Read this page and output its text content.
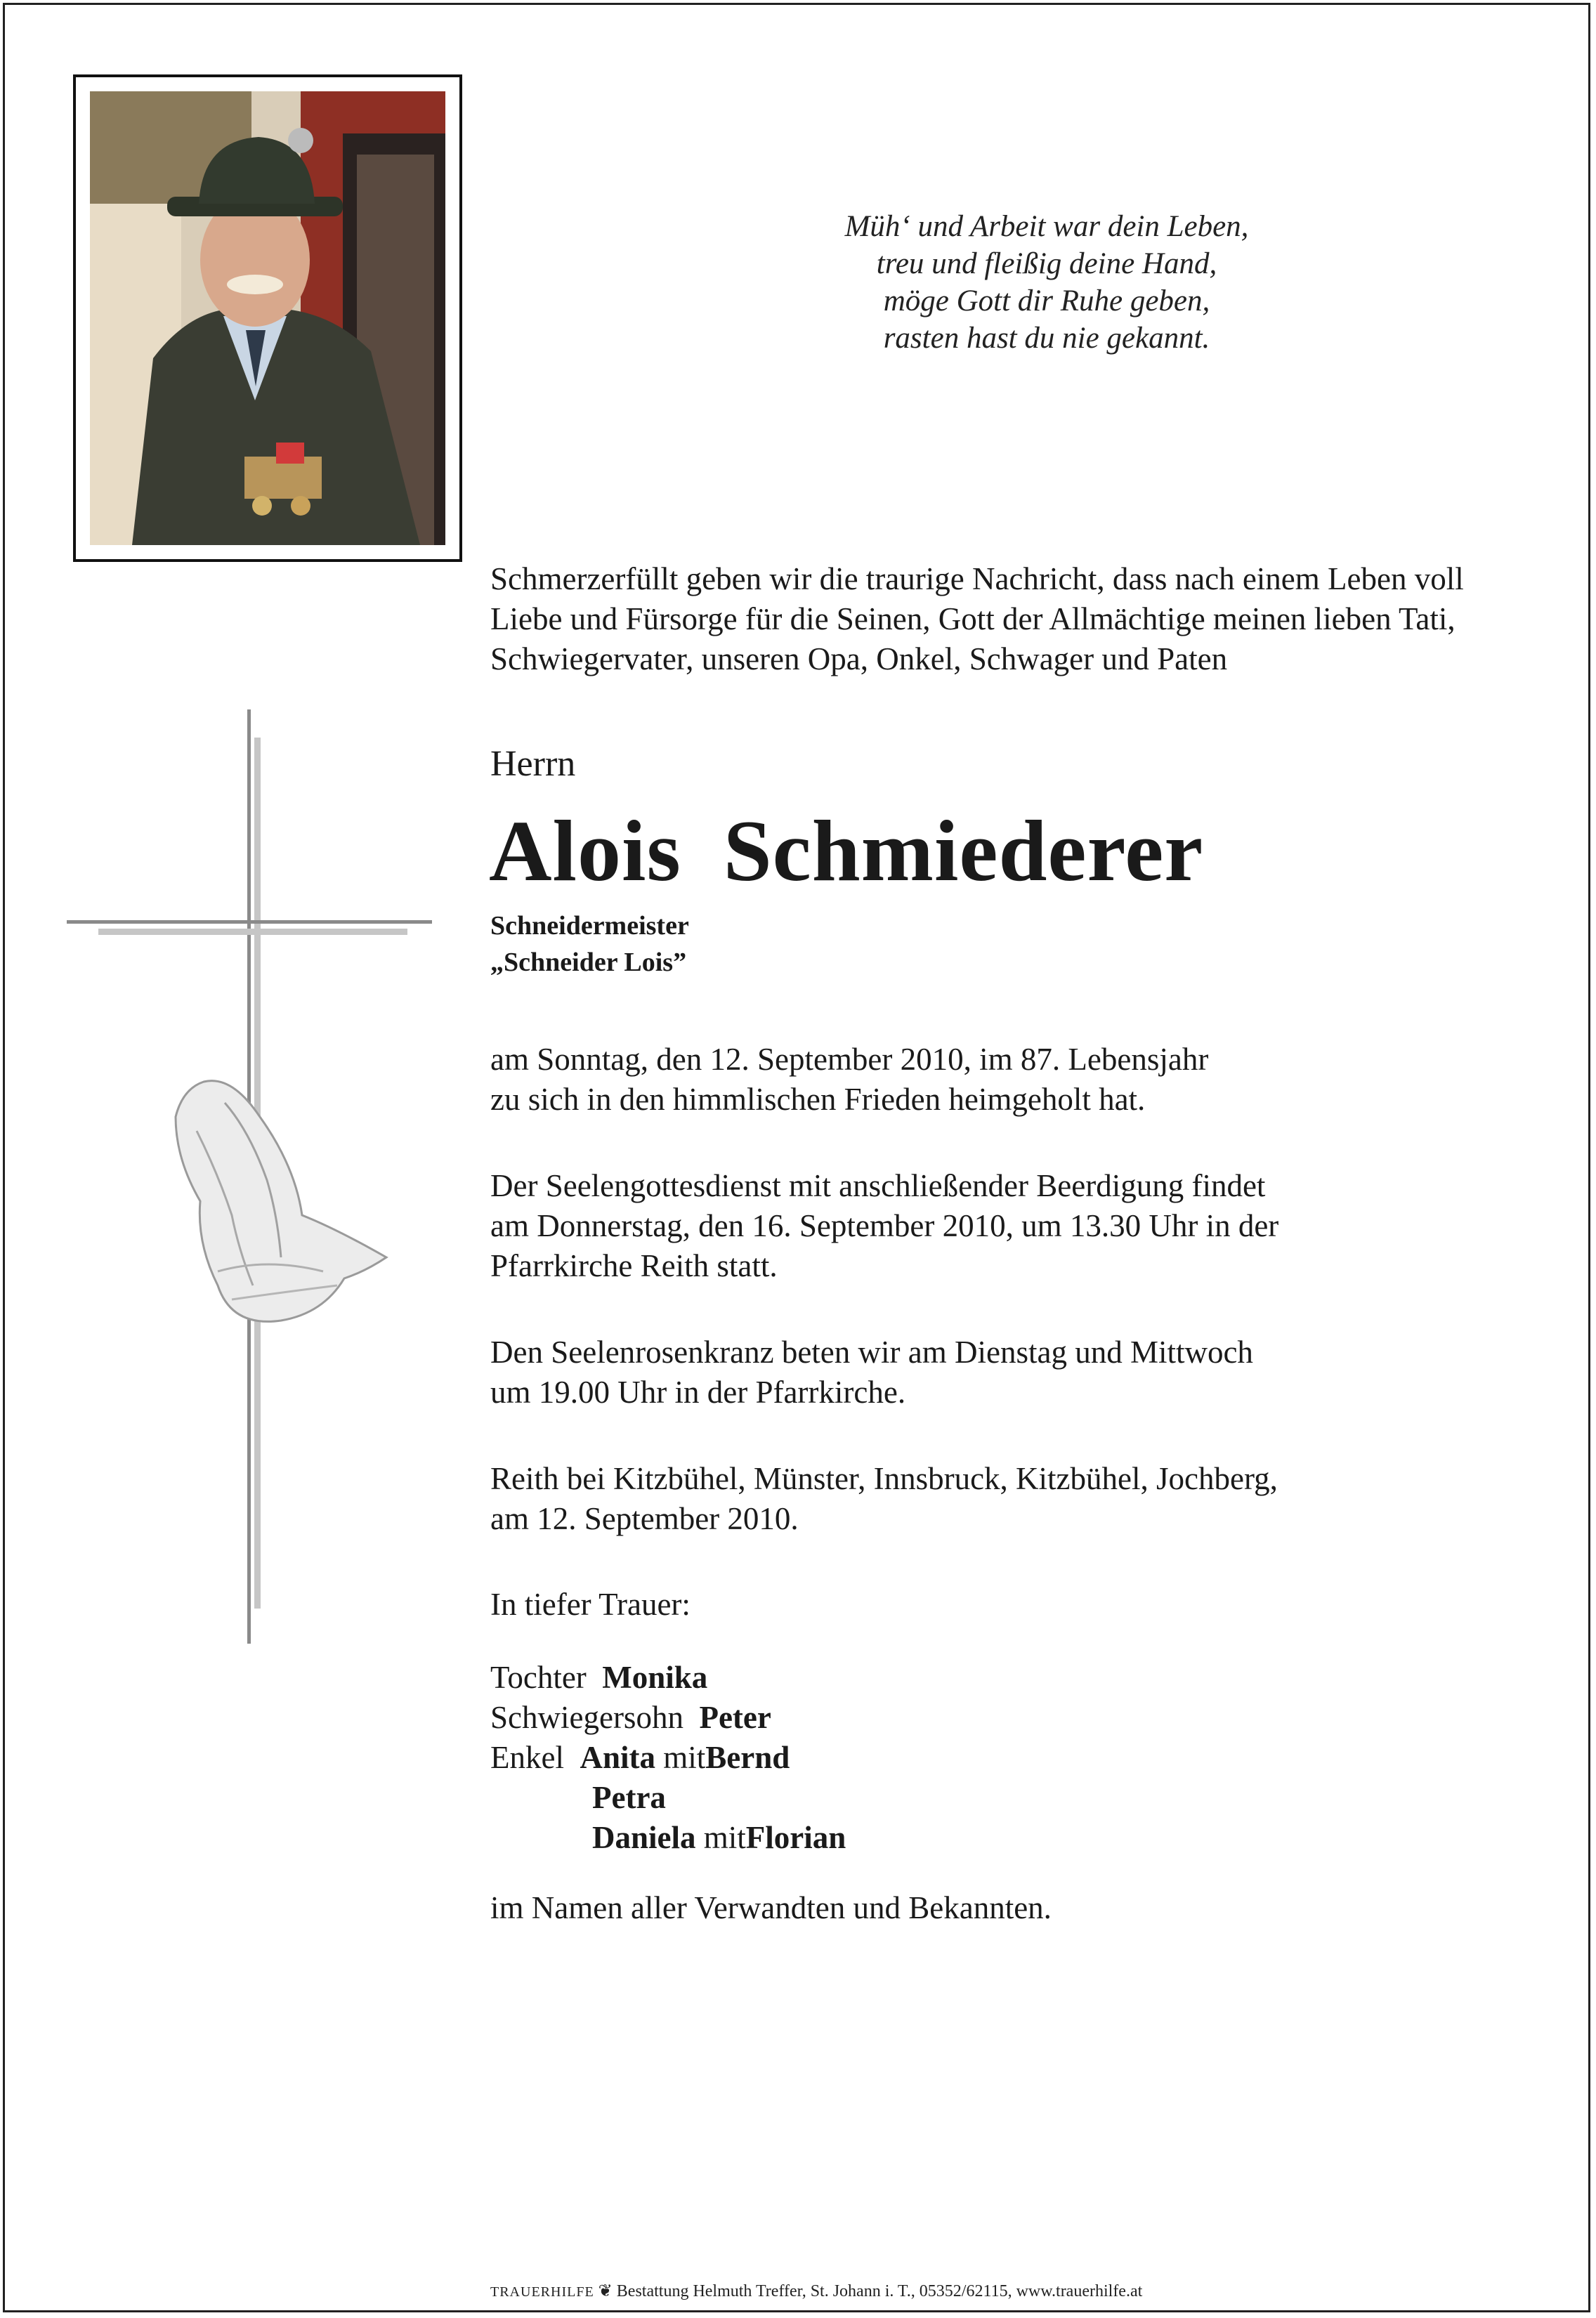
Müh‘ und Arbeit war dein Leben,
treu und fleißig deine Hand,
möge Gott dir Ruhe geben,
rasten hast du nie gekannt.
Schmerzerfüllt geben wir die traurige Nachricht, dass nach einem Leben voll
Liebe und Fürsorge für die Seinen, Gott der Allmächtige meinen lieben Tati,
Schwiegervater, unseren Opa, Onkel, Schwager und Paten
Herrn
Alois Schmiederer
Schneidermeister
„Schneider Lois”
am Sonntag, den 12. September 2010, im 87. Lebensjahr
zu sich in den himmlischen Frieden heimgeholt hat.
Der Seelengottesdienst mit anschließender Beerdigung findet
am Donnerstag, den 16. September 2010, um 13.30 Uhr in der
Pfarrkirche Reith statt.
Den Seelenrosenkranz beten wir am Dienstag und Mittwoch
um 19.00 Uhr in der Pfarrkirche.
Reith bei Kitzbühel, Münster, Innsbruck, Kitzbühel, Jochberg,
am 12. September 2010.
In tiefer Trauer:
Tochter Monika
Schwiegersohn Peter
Enkel Anita mitBernd
Petra
Daniela mitFlorian
im Namen aller Verwandten und Bekannten.
TRAUERHILFE ❦ Bestattung Helmuth Treffer, St. Johann i. T., 05352/62115, www.trauerhilfe.at
